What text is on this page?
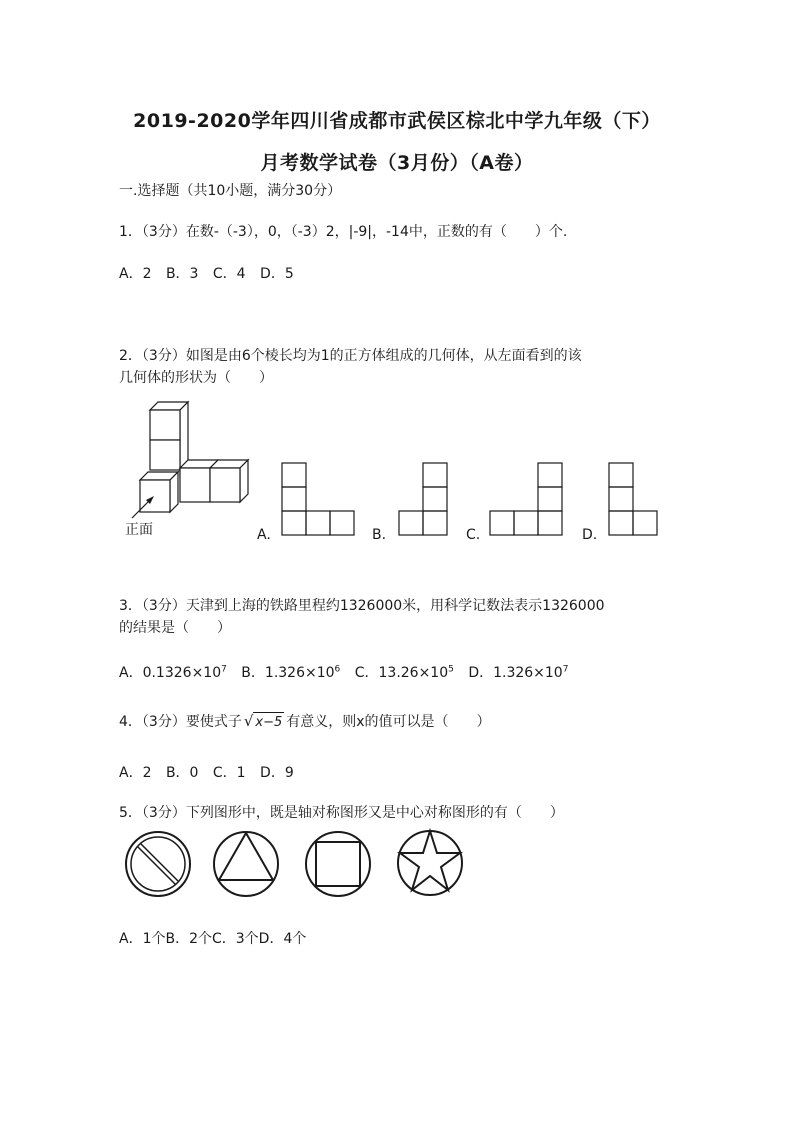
2019-2020学年四川省成都市武侯区棕北中学九年级（下）
月考数学试卷（3月份）（A卷）
一.选择题（共10小题，满分30分）
1．（3分）在数-（-3），0，（-3）2，|-9|，-14中，正数的有（　　）个.
A．2 B．3 C．4 D．5
2．（3分）如图是由6个棱长均为1的正方体组成的几何体，从左面看到的该
几何体的形状为（　　）
正面	A.	B.	C.	D.
3．（3分）天津到上海的铁路里程约1326000米，用科学记数法表示1326000
的结果是（　　）
A．$0.1326\times 10^7$ B．$1.326\times 10^6$ C．$13.26\times 10^5$ D．$1.326\times 10^7$
4．（3分）要使式子 √ x−5 有意义，则x的值可以是（　　）
A．2 B．0 C．1 D．9
5．（3分）下列图形中，既是轴对称图形又是中心对称图形的有（　　）
A．1个B．2个C．3个D．4个
